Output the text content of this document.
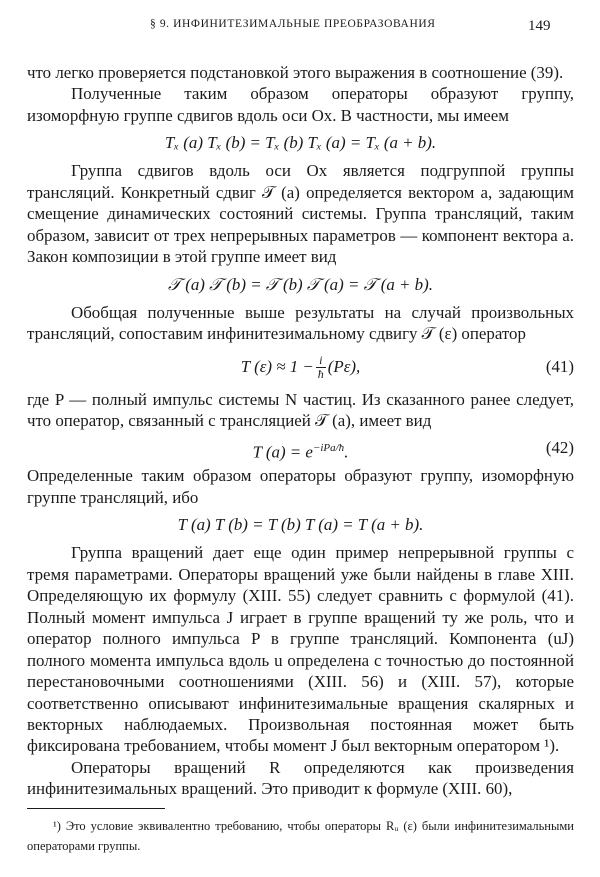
§ 9. ИНФИНИТЕЗИМАЛЬНЫЕ ПРЕОБРАЗОВАНИЯ	149

что легко проверяется подстановкой этого выражения в соотношение (39).

Полученные таким образом операторы образуют группу, изоморфную группе сдвигов вдоль оси Ox. В частности, мы имеем

Tₓ (a) Tₓ (b) = Tₓ (b) Tₓ (a) = Tₓ (a + b).

Группа сдвигов вдоль оси Ox является подгруппой группы трансляций. Конкретный сдвиг 𝒯 (a) определяется вектором a, задающим смещение динамических состояний системы. Группа трансляций, таким образом, зависит от трех непрерывных параметров — компонент вектора a. Закон композиции в этой группе имеет вид

𝒯 (a) 𝒯 (b) = 𝒯 (b) 𝒯 (a) = 𝒯 (a + b).

Обобщая полученные выше результаты на случай произвольных трансляций, сопоставим инфинитезимальному сдвигу 𝒯 (ε) оператор

T $(\varepsilon) \approx 1 - \frac{i}{ħ} (P\varepsilon)$,	(41)

где P — полный импульс системы N частиц. Из сказанного ранее следует, что оператор, связанный с трансляцией 𝒯 (a), имеет вид

T $(a) = e^{-iPa/ħ}$.	(42)

Определенные таким образом операторы образуют группу, изоморфную группе трансляций, ибо

T (a) T (b) = T (b) T (a) = T (a + b).

Группа вращений дает еще один пример непрерывной группы с тремя параметрами. Операторы вращений уже были найдены в главе XIII. Определяющую их формулу (XIII. 55) следует сравнить с формулой (41). Полный момент импульса J играет в группе вращений ту же роль, что и оператор полного импульса P в группе трансляций. Компонента (uJ) полного момента импульса вдоль u определена с точностью до постоянной перестановочными соотношениями (XIII. 56) и (XIII. 57), которые соответственно описывают инфинитезимальные вращения скалярных и векторных наблюдаемых. Произвольная постоянная может быть фиксирована требованием, чтобы момент J был векторным оператором ¹).

Операторы вращений R определяются как произведения инфинитезимальных вращений. Это приводит к формуле (XIII. 60),

¹) Это условие эквивалентно требованию, чтобы операторы Rᵤ (ε) были инфинитезимальными операторами группы.
